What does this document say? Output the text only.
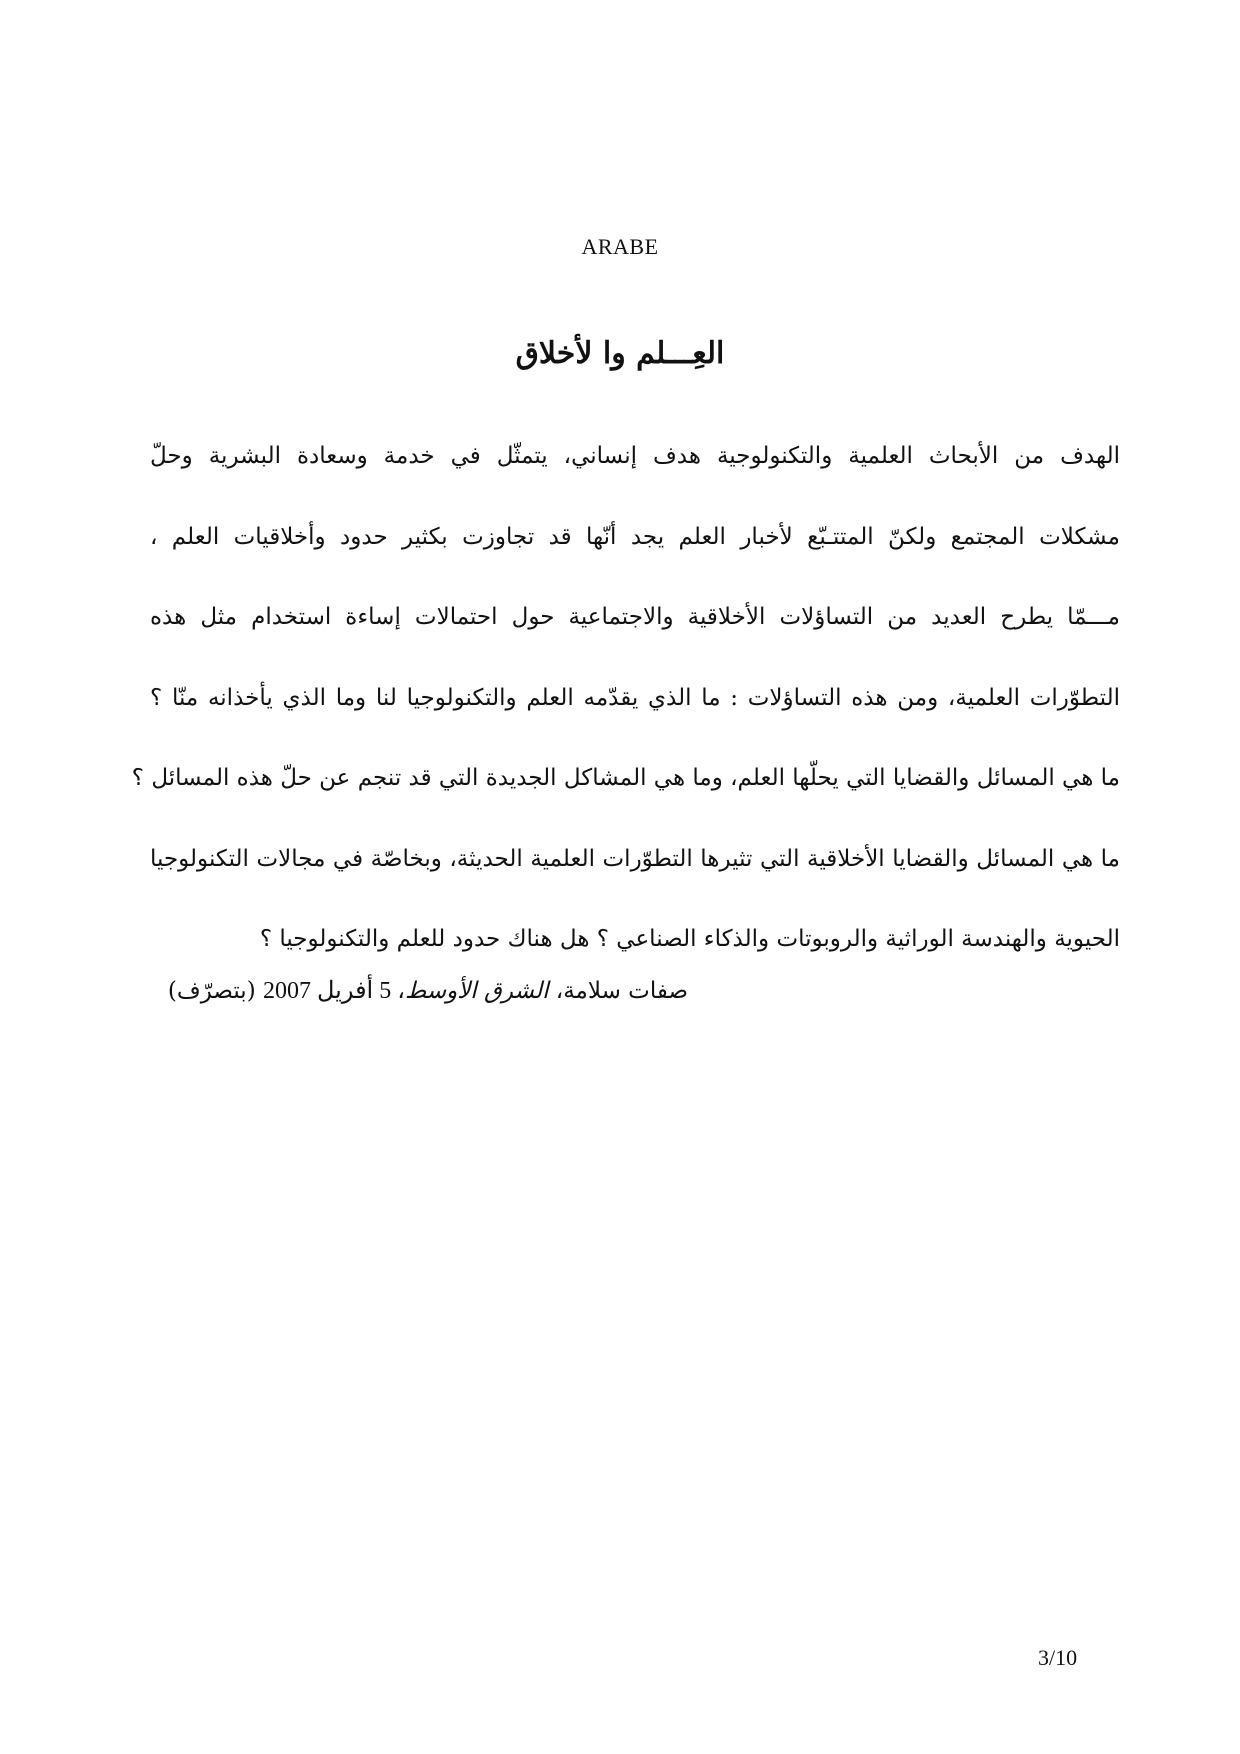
ARABE
العِـــلم وا لأخلاق
الهدف من الأبحاث العلمية والتكنولوجية هدف إنساني، يتمثّل في خدمة وسعادة البشرية وحلّ
مشكلات المجتمع ولكنّ المتتـبّع لأخبار العلم يجد أنّها قد تجاوزت بكثير حدود وأخلاقيات العلم ،
مـــمّا يطرح العديد من التساؤلات الأخلاقية والاجتماعية حول احتمالات إساءة استخدام مثل هذه
التطوّرات العلمية، ومن هذه التساؤلات : ما الذي يقدّمه العلم والتكنولوجيا لنا وما الذي يأخذانه منّا ؟
ما هي المسائل والقضايا التي يحلّها العلم، وما هي المشاكل الجديدة التي قد تنجم عن حلّ هذه المسائل ؟
ما هي المسائل والقضايا الأخلاقية التي تثيرها التطوّرات العلمية الحديثة، وبخاصّة في مجالات التكنولوجيا
الحيوية والهندسة الوراثية والروبوتات والذكاء الصناعي ؟ هل هناك حدود للعلم والتكنولوجيا ؟
صفات سلامة، الشرق الأوسط، 5 أفريل 2007 (بتصرّف)
3/10
